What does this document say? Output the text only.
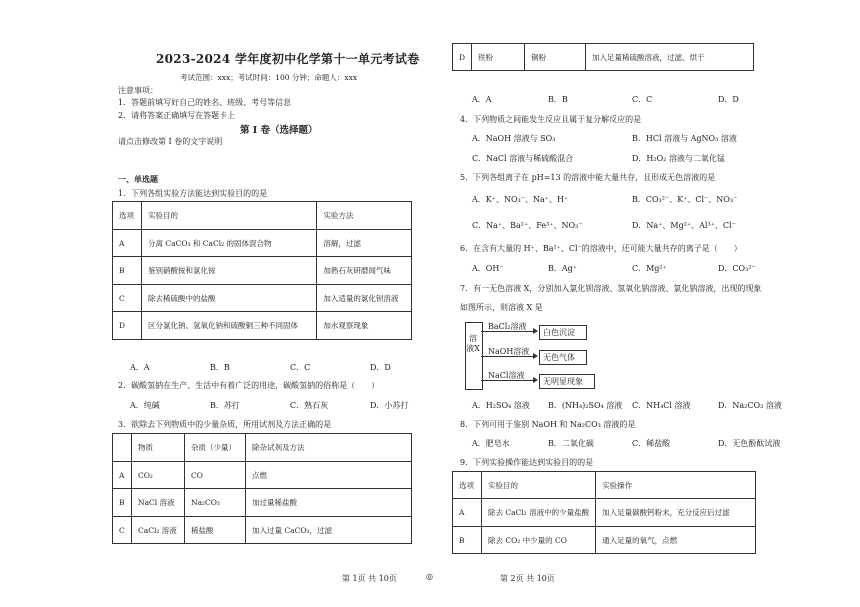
2023-2024 学年度初中化学第十一单元考试卷
考试范围：xxx；考试时间：100 分钟；命题人：xxx
注意事项：
1．答题前填写好自己的姓名、班级、考号等信息
2．请将答案正确填写在答题卡上
第 I 卷（选择题）
请点击修改第 I 卷的文字说明
一、单选题
1．下列各组实验方法能达到实验目的的是
选项	实验目的	实验方法
A	分离 CaCO₃ 和 CaCl₂ 的固体混合物	溶解，过滤
B	鉴别硝酸铵和氯化铵	加熟石灰研磨闻气味
C	除去稀硫酸中的盐酸	加入适量的氯化钡溶液
D	区分氯化钠、氢氧化钠和硫酸铜三种不同固体	加水观察现象
A．A	B．B	C．C	D．D
2．碳酸氢钠在生产、生活中有着广泛的用途，碳酸氢钠的俗称是（　　）
A．纯碱	B．苏打	C．熟石灰	D．小苏打
3．欲除去下列物质中的少量杂质，所用试剂及方法正确的是
	物质	杂质（少量）	除杂试剂及方法
A	CO₂	CO	点燃
B	NaCl 溶液	Na₂CO₃	加过量稀盐酸
C	CaCl₂ 溶液	稀盐酸	加入过量 CaCO₃，过滤
第 1页 共 10页	◎
D	铁粉	铜粉	加入足量稀硫酸溶液，过滤、烘干
A．A	B．B	C．C	D．D
4．下列物质之间能发生反应且属于复分解反应的是
A．NaOH 溶液与 SO₃	B．HCl 溶液与 AgNO₃ 溶液
C．NaCl 溶液与稀硫酸混合	D．H₂O₂ 溶液与二氧化锰
5．下列各组离子在 pH=13 的溶液中能大量共存，且形成无色溶液的是
A．K⁺、NO₃⁻、Na⁺、H⁺	B．CO₃²⁻、K⁺、Cl⁻、NO₃⁻
C．Na⁺、Ba²⁺、Fe³⁺、NO₃⁻	D．Na⁺、Mg²⁺、Al³⁺、Cl⁻
6．在含有大量的 H⁺、Ba²⁺、Cl⁻的溶液中，还可能大量共存的离子是（　　）
A．OH⁻	B．Ag⁺	C．Mg²⁺	D．CO₃²⁻
7．有一无色溶液 X，分别加入氯化钡溶液、氢氧化钠溶液、氯化钠溶液，出现的现象
如图所示，则溶液 X 是
溶液X
BaCl₂溶液
白色沉淀
NaOH溶液
无色气体
NaCl溶液
无明显现象
A．H₂SO₄ 溶液 B．(NH₄)₂SO₄ 溶液 C．NH₄Cl 溶液	D．Na₂CO₃ 溶液
8．下列可用于鉴别 NaOH 和 Na₂CO₃ 溶液的是
A．肥皂水	B．二氧化碳	C．稀盐酸	D．无色酚酞试液
9．下列实验操作能达到实验目的的是
选项	实验目的	实验操作
A	除去 CaCl₂ 溶液中的少量盐酸	加入足量碳酸钙粉末，充分反应后过滤
B	除去 CO₂ 中少量的 CO	通入足量的氧气，点燃
第 2页 共 10页
